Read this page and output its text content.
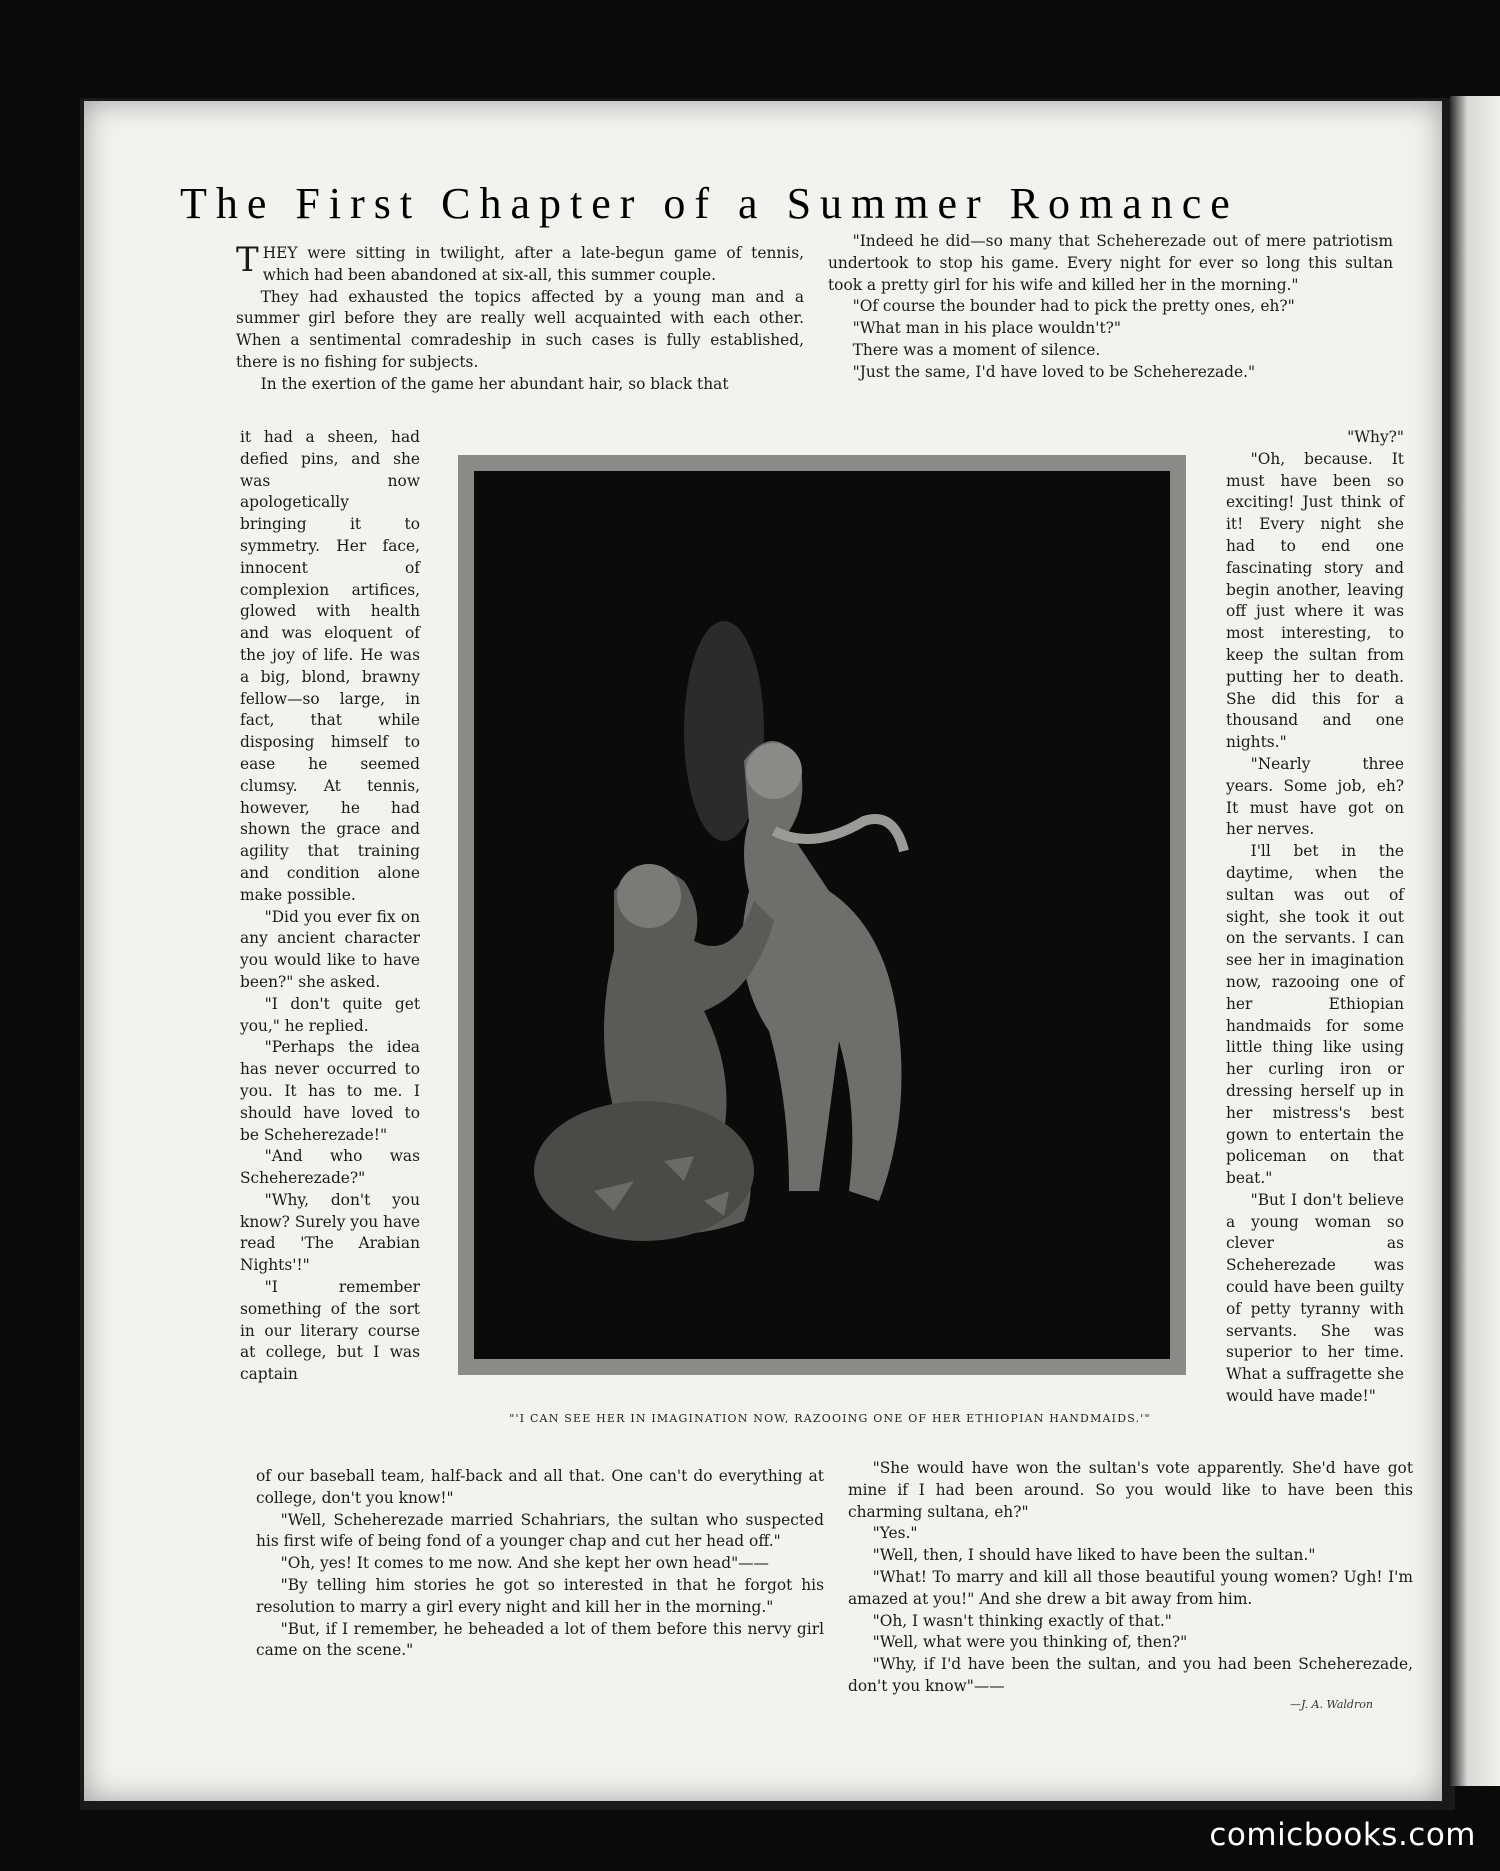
The First Chapter of a Summer Romance

THEY were sitting in twilight, after a late-begun game of tennis, which had been abandoned at six-all, this summer couple.

They had exhausted the topics affected by a young man and a summer girl before they are really well acquainted with each other. When a sentimental comradeship in such cases is fully established, there is no fishing for subjects.

In the exertion of the game her abundant hair, so black that

"Indeed he did—so many that Scheherezade out of mere patriotism undertook to stop his game. Every night for ever so long this sultan took a pretty girl for his wife and killed her in the morning."

"Of course the bounder had to pick the pretty ones, eh?"

"What man in his place wouldn't?"

There was a moment of silence.

"Just the same, I'd have loved to be Scheherezade."

it had a sheen, had defied pins, and she was now apologetically bringing it to symmetry. Her face, innocent of complexion artifices, glowed with health and was eloquent of the joy of life. He was a big, blond, brawny fellow—so large, in fact, that while disposing himself to ease he seemed clumsy. At tennis, however, he had shown the grace and agility that training and condition alone make possible.

"Did you ever fix on any ancient character you would like to have been?" she asked.

"I don't quite get you," he replied.

"Perhaps the idea has never occurred to you. It has to me. I should have loved to be Scheherezade!"

"And who was Scheherezade?"

"Why, don't you know? Surely you have read 'The Arabian Nights'!"

"I remember something of the sort in our literary course at college, but I was captain

"'I CAN SEE HER IN IMAGINATION NOW, RAZOOING ONE OF HER ETHIOPIAN HANDMAIDS.'"

"Why?"

"Oh, because. It must have been so exciting! Just think of it! Every night she had to end one fascinating story and begin another, leaving off just where it was most interesting, to keep the sultan from putting her to death. She did this for a thousand and one nights."

"Nearly three years. Some job, eh? It must have got on her nerves.

I'll bet in the daytime, when the sultan was out of sight, she took it out on the servants. I can see her in imagination now, razooing one of her Ethiopian handmaids for some little thing like using her curling iron or dressing herself up in her mistress's best gown to entertain the policeman on that beat."

"But I don't believe a young woman so clever as Scheherezade was could have been guilty of petty tyranny with servants. She was superior to her time. What a suffragette she would have made!"

of our baseball team, half-back and all that. One can't do everything at college, don't you know!"

"Well, Scheherezade married Schahriars, the sultan who suspected his first wife of being fond of a younger chap and cut her head off."

"Oh, yes! It comes to me now. And she kept her own head"——

"By telling him stories he got so interested in that he forgot his resolution to marry a girl every night and kill her in the morning."

"But, if I remember, he beheaded a lot of them before this nervy girl came on the scene."

"She would have won the sultan's vote apparently. She'd have got mine if I had been around. So you would like to have been this charming sultana, eh?"

"Yes."

"Well, then, I should have liked to have been the sultan."

"What! To marry and kill all those beautiful young women? Ugh! I'm amazed at you!" And she drew a bit away from him.

"Oh, I wasn't thinking exactly of that."

"Well, what were you thinking of, then?"

"Why, if I'd have been the sultan, and you had been Scheherezade, don't you know"——

—J. A. Waldron
comicbooks.com
